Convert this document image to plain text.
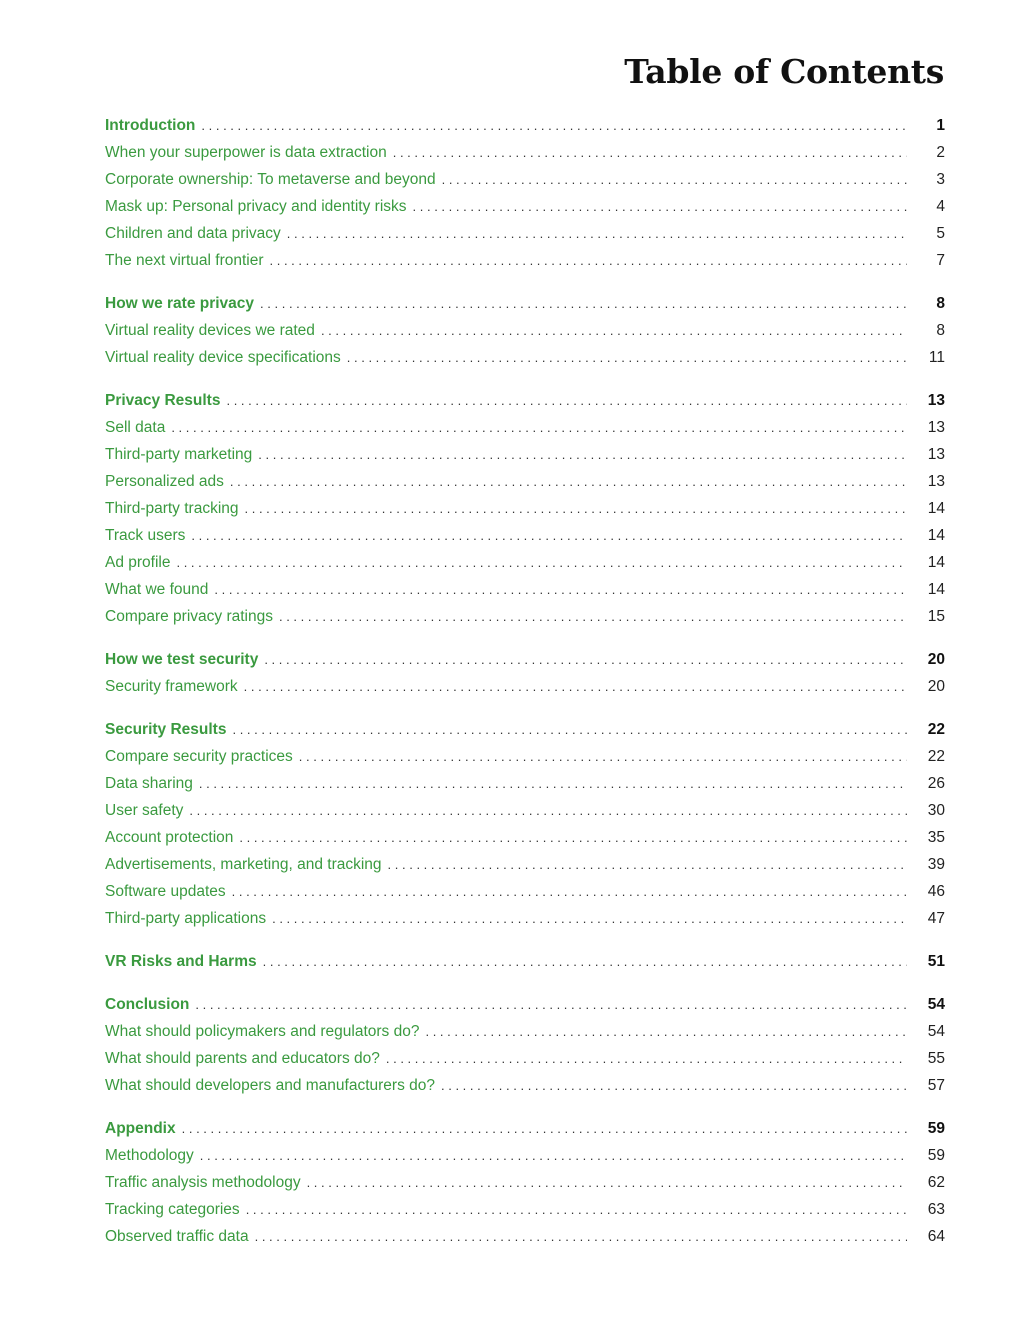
Table of Contents
Introduction . . .	1
When your superpower is data extraction . . .	2
Corporate ownership: To metaverse and beyond . . .	3
Mask up: Personal privacy and identity risks . . .	4
Children and data privacy . . .	5
The next virtual frontier . . .	7
How we rate privacy . . .	8
Virtual reality devices we rated . . .	8
Virtual reality device specifications . . .	11
Privacy Results . . .	13
Sell data . . .	13
Third-party marketing . . .	13
Personalized ads . . .	13
Third-party tracking . . .	14
Track users . . .	14
Ad profile . . .	14
What we found . . .	14
Compare privacy ratings . . .	15
How we test security . . .	20
Security framework . . .	20
Security Results . . .	22
Compare security practices . . .	22
Data sharing . . .	26
User safety . . .	30
Account protection . . .	35
Advertisements, marketing, and tracking . . .	39
Software updates . . .	46
Third-party applications . . .	47
VR Risks and Harms . . .	51
Conclusion . . .	54
What should policymakers and regulators do? . . .	54
What should parents and educators do? . . .	55
What should developers and manufacturers do? . . .	57
Appendix . . .	59
Methodology . . .	59
Traffic analysis methodology . . .	62
Tracking categories . . .	63
Observed traffic data . . .	64
